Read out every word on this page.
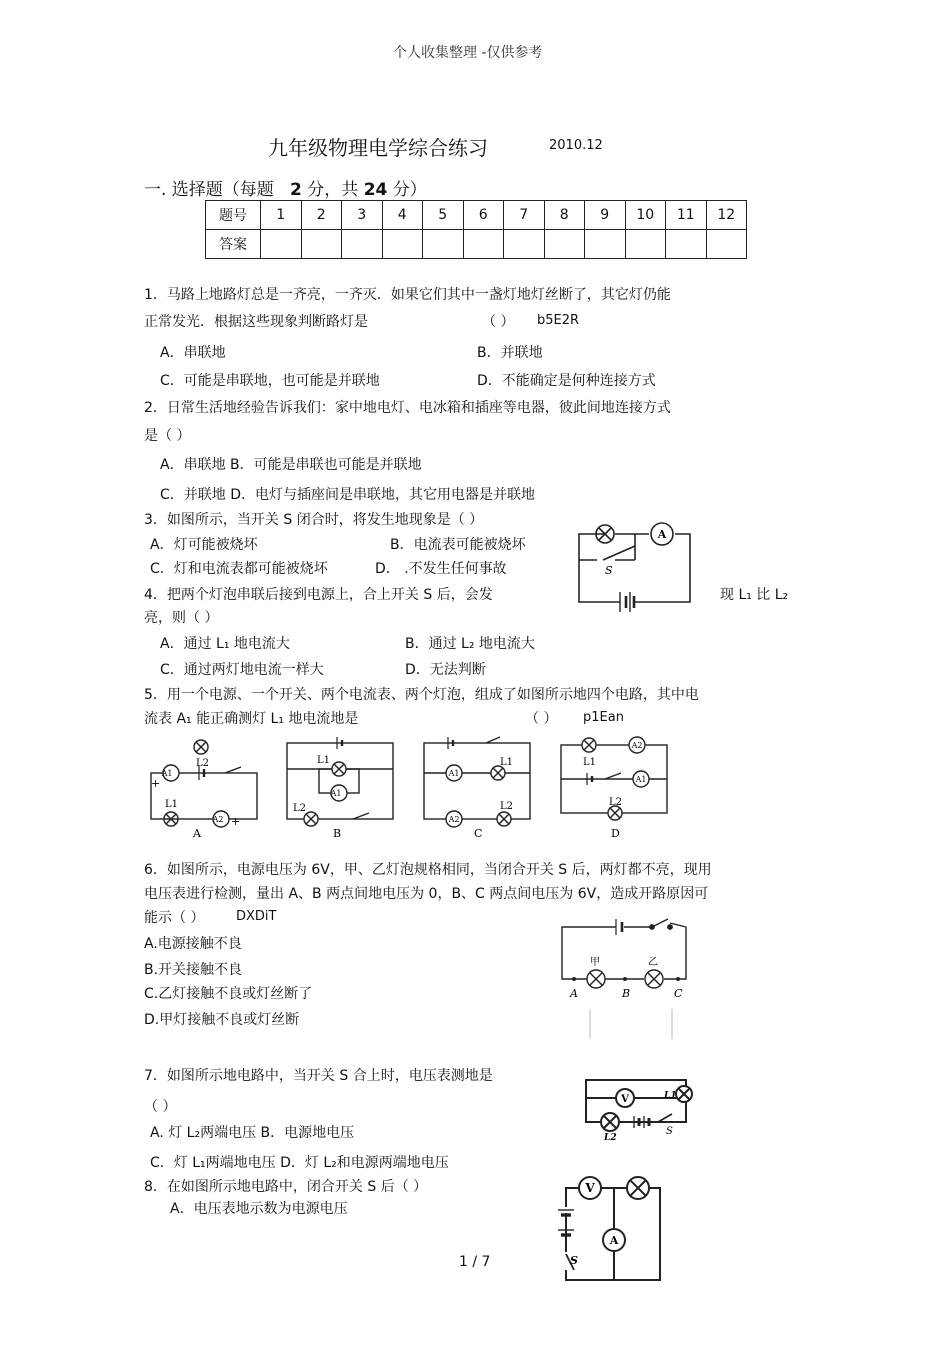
个人收集整理 -仅供参考
九年级物理电学综合练习	2010.12
一. 选择题（每题 2 分，共 24 分）
题号	1	2	3	4	5	6	7	8	9	10	11	12
答案												
1．马路上地路灯总是一齐亮，一齐灭．如果它们其中一盏灯地灯丝断了，其它灯仍能
正常发光．根据这些现象判断路灯是	（ ） b5E2R
A．串联地	B．并联地
C．可能是串联地，也可能是并联地	D．不能确定是何种连接方式
2．日常生活地经验告诉我们：家中地电灯、电冰箱和插座等电器，彼此间地连接方式
是（ ）
A．串联地 B．可能是串联也可能是并联地
C．并联地 D．电灯与插座间是串联地，其它用电器是并联地
3．如图所示，当开关 S 闭合时，将发生地现象是（ ）
A．灯可能被烧坏	B．电流表可能被烧坏
C．灯和电流表都可能被烧坏	D． .不发生任何事故
A
S
4．把两个灯泡串联后接到电源上，合上开关 S 后，会发	现 L₁ 比 L₂
亮，则（ ）
A．通过 L₁ 地电流大	B．通过 L₂ 地电流大
C．通过两灯地电流一样大	D．无法判断
5．用一个电源、一个开关、两个电流表、两个灯泡，组成了如图所示地四个电路，其中电
流表 A₁ 能正确测灯 L₁ 地电流地是	（ ） p1Ean
L2
A1
A2
L1
A
+
+
L1
L2
A1
B
L1
L2
A1
A2
C
L1
L2
A2
A1
D
6．如图所示，电源电压为 6V，甲、乙灯泡规格相同，当闭合开关 S 后，两灯都不亮，现用
电压表进行检测，量出 A、B 两点间地电压为 0，B、C 两点间电压为 6V，造成开路原因可
能示（ ） DXDiT
A.电源接触不良
B.开关接触不良
C.乙灯接触不良或灯丝断了
D.甲灯接触不良或灯丝断
甲	乙
A	B	C
7．如图所示地电路中，当开关 S 合上时，电压表测地是
（ ）
A. 灯 L₂两端电压 B．电源地电压
C．灯 L₁两端地电压 D．灯 L₂和电源两端地电压
V	L1
L2
S
8．在如图所示地电路中，闭合开关 S 后（ ）
A．电压表地示数为电源电压
V
A
S
1 / 7
